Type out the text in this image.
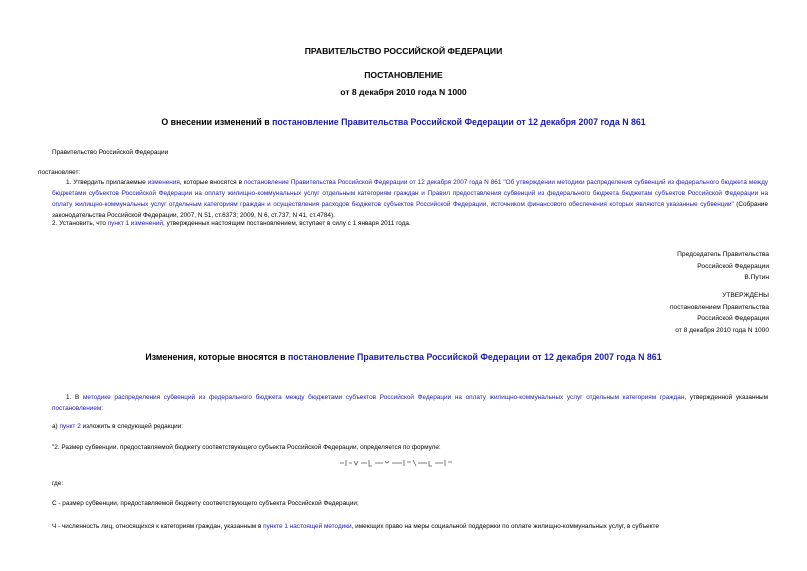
ПРАВИТЕЛЬСТВО РОССИЙСКОЙ ФЕДЕРАЦИИ
ПОСТАНОВЛЕНИЕ
от 8 декабря 2010 года N 1000
О внесении изменений в постановление Правительства Российской Федерации от 12 декабря 2007 года N 861
Правительство Российской Федерации
постановляет:
1. Утвердить прилагаемые изменения, которые вносятся в постановление Правительства Российской Федерации от 12 декабря 2007 года N 861 "Об утверждении методики распределения субвенций из федерального бюджета между бюджетами субъектов Российской Федерации на оплату жилищно-коммунальных услуг отдельным категориям граждан и Правил предоставления субвенций из федерального бюджета бюджетам субъектов Российской Федерации на оплату жилищно-коммунальных услуг отдельным категориям граждан и осуществления расходов бюджетов субъектов Российской Федерации, источником финансового обеспечения которых являются указанные субвенции" (Собрание законодательства Российской Федерации, 2007, N 51, ст.6373; 2009, N 6, ст.737; N 41, ст.4784).
2. Установить, что пункт 1 изменений, утвержденных настоящим постановлением, вступает в силу с 1 января 2011 года.
Председатель Правительства
Российской Федерации
В.Путин
УТВЕРЖДЕНЫ
постановлением Правительства
Российской Федерации
от 8 декабря 2010 года N 1000
Изменения, которые вносятся в постановление Правительства Российской Федерации от 12 декабря 2007 года N 861
1. В методике распределения субвенций из федерального бюджета между бюджетами субъектов Российской Федерации на оплату жилищно-коммунальных услуг отдельным категориям граждан, утвержденной указанным постановлением:
а) пункт 2 изложить в следующей редакции:
"2. Размер субвенции, предоставляемой бюджету соответствующего субъекта Российской Федерации, определяется по формуле:
где:
С - размер субвенции, предоставляемой бюджету соответствующего субъекта Российской Федерации;
Ч - численность лиц, относящихся к категориям граждан, указанным в пункте 1 настоящей методики, имеющих право на меры социальной поддержки по оплате жилищно-коммунальных услуг, в субъекте
